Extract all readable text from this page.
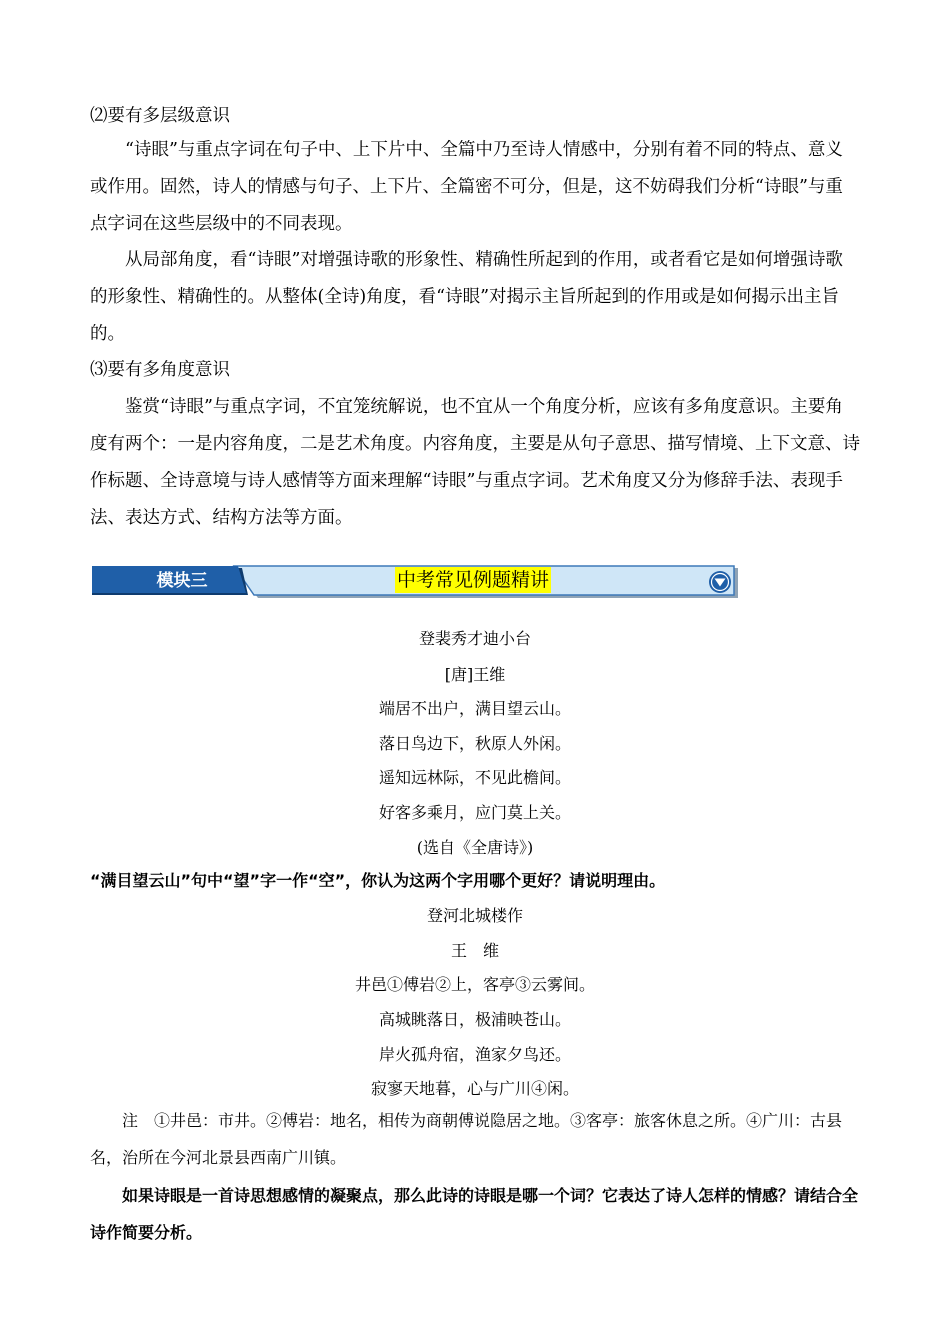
⑵要有多层级意识

“诗眼”与重点字词在句子中、上下片中、全篇中乃至诗人情感中，分别有着不同的特点、意义或作用。固然，诗人的情感与句子、上下片、全篇密不可分，但是，这不妨碍我们分析“诗眼”与重点字词在这些层级中的不同表现。

从局部角度，看“诗眼”对增强诗歌的形象性、精确性所起到的作用，或者看它是如何增强诗歌的形象性、精确性的。从整体(全诗)角度，看“诗眼”对揭示主旨所起到的作用或是如何揭示出主旨的。

⑶要有多角度意识

鉴赏“诗眼”与重点字词，不宜笼统解说，也不宜从一个角度分析，应该有多角度意识。主要角度有两个：一是内容角度，二是艺术角度。内容角度，主要是从句子意思、描写情境、上下文意、诗作标题、全诗意境与诗人感情等方面来理解“诗眼”与重点字词。艺术角度又分为修辞手法、表现手法、表达方式、结构方法等方面。

模块三	中考常见例题精讲

登裴秀才迪小台

[唐]王维

端居不出户，满目望云山。

落日鸟边下，秋原人外闲。

遥知远林际，不见此檐间。

好客多乘月，应门莫上关。

(选自《全唐诗》)

“满目望云山”句中“望”字一作“空”，你认为这两个字用哪个更好？请说明理由。

登河北城楼作

王　维

井邑①傅岩②上，客亭③云雾间。

高城眺落日，极浦映苍山。

岸火孤舟宿，渔家夕鸟还。

寂寥天地暮，心与广川④闲。

注　①井邑：市井。②傅岩：地名，相传为商朝傅说隐居之地。③客亭：旅客休息之所。④广川：古县名，治所在今河北景县西南广川镇。

如果诗眼是一首诗思想感情的凝聚点，那么此诗的诗眼是哪一个词？它表达了诗人怎样的情感？请结合全诗作简要分析。
